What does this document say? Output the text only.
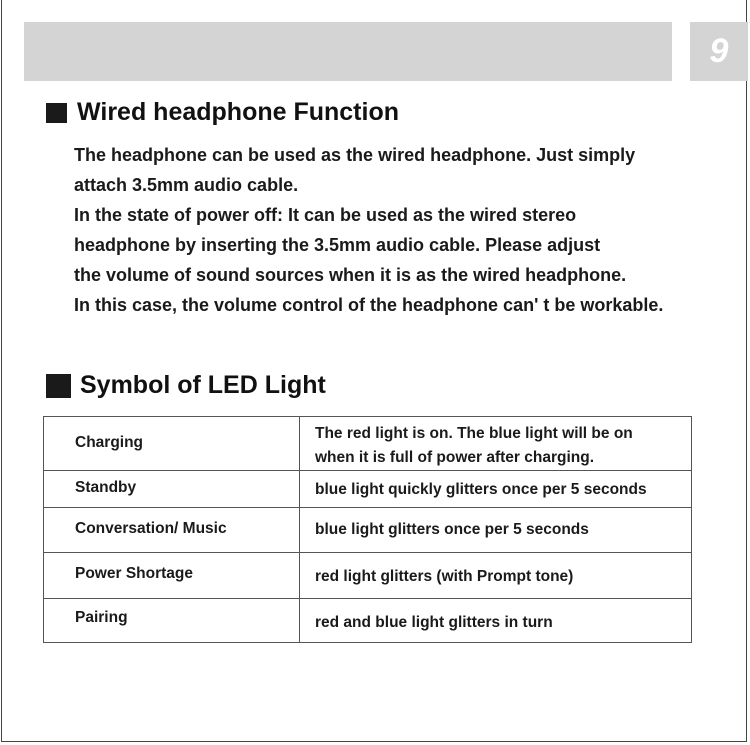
9
Wired headphone Function

The headphone can be used as the wired headphone. Just simply

attach 3.5mm audio cable.

In the state of power off: It can be used as the wired stereo

headphone by inserting the 3.5mm audio cable. Please adjust

the volume of sound sources when it is as the wired headphone.

In this case, the volume control of the headphone can' t be workable.

Symbol of LED Light
Charging	The red light is on. The blue light will be on
when it is full of power after charging.

Standby	blue light quickly glitters once per 5 seconds

Conversation/ Music	blue light glitters once per 5 seconds

Power Shortage	red light glitters (with Prompt tone)

Pairing	red and blue light glitters in turn
